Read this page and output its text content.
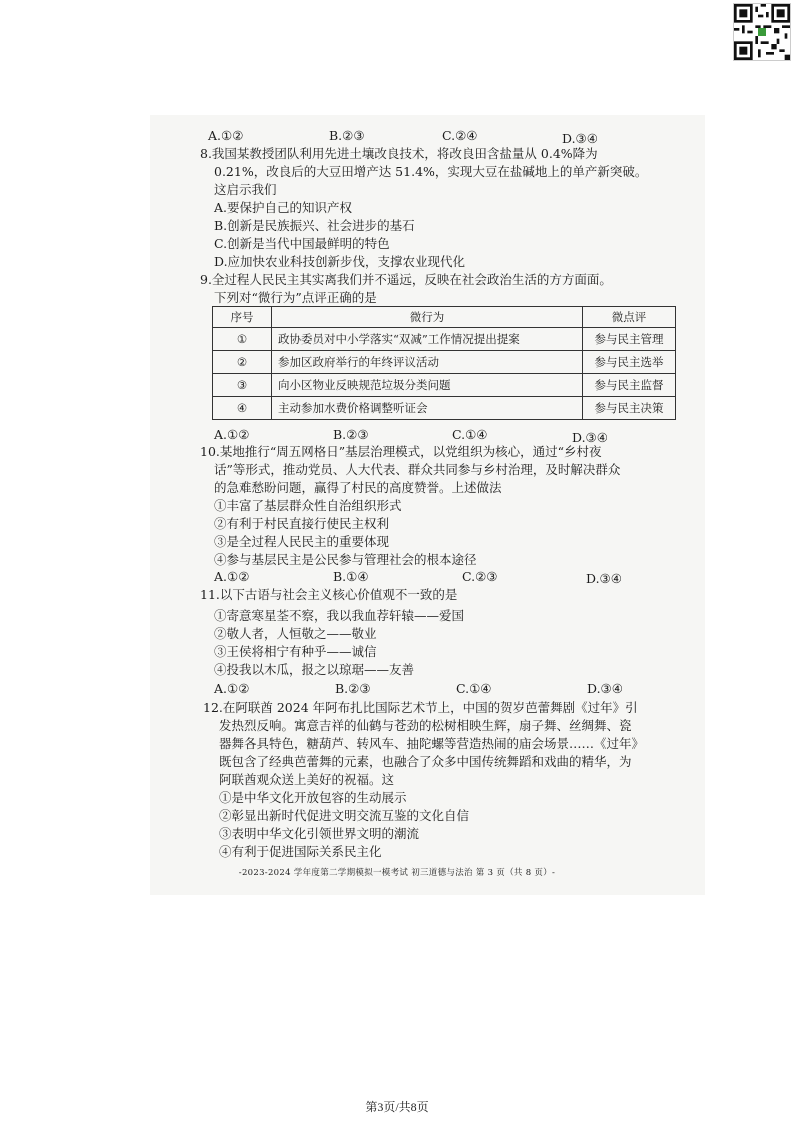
A.①②	B.②③	C.②④	D.③④
8.我国某教授团队利用先进土壤改良技术，将改良田含盐量从 0.4%降为
0.21%，改良后的大豆田增产达 51.4%，实现大豆在盐碱地上的单产新突破。
这启示我们
A.要保护自己的知识产权
B.创新是民族振兴、社会进步的基石
C.创新是当代中国最鲜明的特色
D.应加快农业科技创新步伐，支撑农业现代化
9.全过程人民民主其实离我们并不遥远，反映在社会政治生活的方方面面。
下列对“微行为”点评正确的是
序号	微行为	微点评
①	政协委员对中小学落实“双减”工作情况提出提案	参与民主管理
②	参加区政府举行的年终评议活动	参与民主选举
③	向小区物业反映规范垃圾分类问题	参与民主监督
④	主动参加水费价格调整听证会	参与民主决策
A.①②	B.②③	C.①④	D.③④
10.某地推行“周五网格日”基层治理模式，以党组织为核心，通过“乡村夜
话”等形式，推动党员、人大代表、群众共同参与乡村治理，及时解决群众
的急难愁盼问题，赢得了村民的高度赞誉。上述做法
①丰富了基层群众性自治组织形式
②有利于村民直接行使民主权利
③是全过程人民民主的重要体现
④参与基层民主是公民参与管理社会的根本途径
A.①②	B.①④	C.②③	D.③④
11.以下古语与社会主义核心价值观不一致的是
①寄意寒星荃不察，我以我血荐轩辕——爱国
②敬人者，人恒敬之——敬业
③王侯将相宁有种乎——诚信
④投我以木瓜，报之以琼琚——友善
A.①②	B.②③	C.①④	D.③④
12.在阿联酋 2024 年阿布扎比国际艺术节上，中国的贺岁芭蕾舞剧《过年》引
发热烈反响。寓意吉祥的仙鹤与苍劲的松树相映生辉，扇子舞、丝绸舞、瓷
器舞各具特色，糖葫芦、转风车、抽陀螺等营造热闹的庙会场景……《过年》
既包含了经典芭蕾舞的元素，也融合了众多中国传统舞蹈和戏曲的精华，为
阿联酋观众送上美好的祝福。这
①是中华文化开放包容的生动展示
②彰显出新时代促进文明交流互鉴的文化自信
③表明中华文化引领世界文明的潮流
④有利于促进国际关系民主化
-2023-2024 学年度第二学期模拟一模考试 初三道德与法治 第 3 页（共 8 页）-
第3页/共8页
